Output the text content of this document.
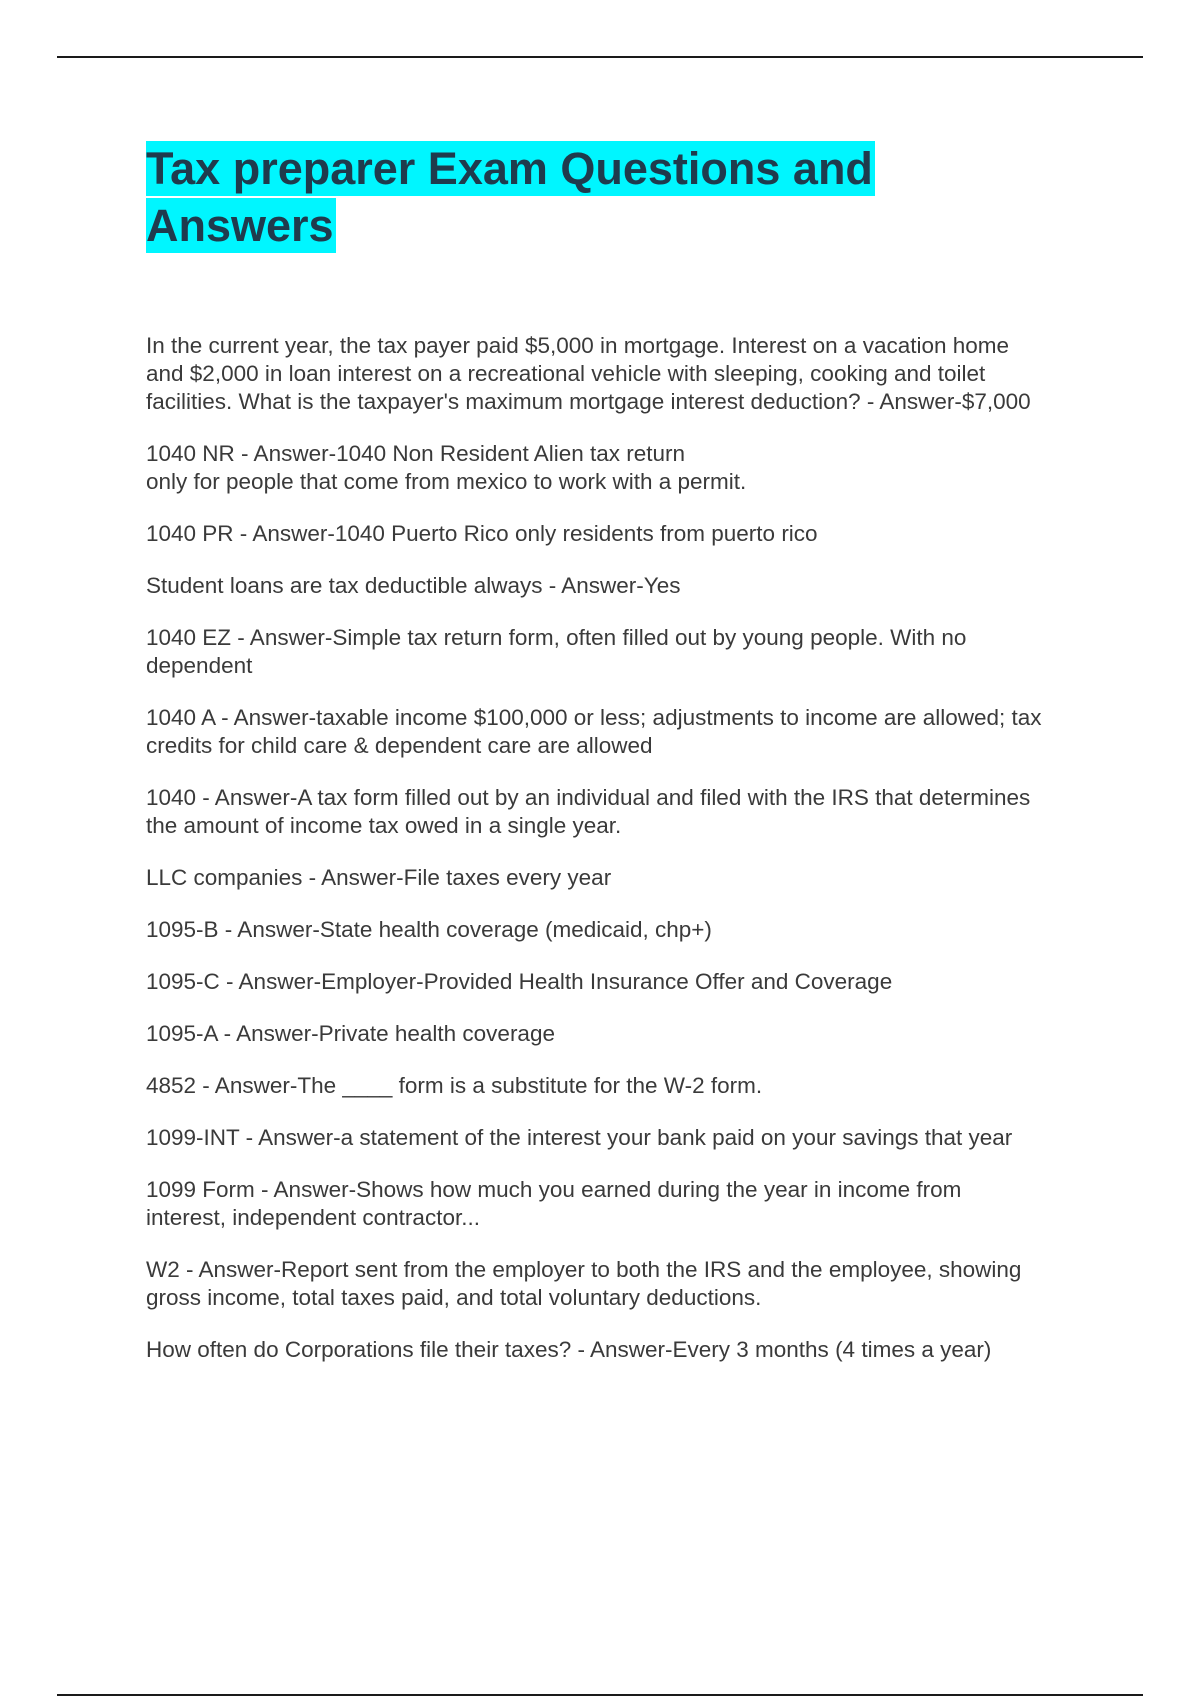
Tax preparer Exam Questions and
Answers

In the current year, the tax payer paid $5,000 in mortgage. Interest on a vacation home and $2,000 in loan interest on a recreational vehicle with sleeping, cooking and toilet facilities. What is the taxpayer's maximum mortgage interest deduction? - Answer-$7,000

1040 NR - Answer-1040 Non Resident Alien tax return
only for people that come from mexico to work with a permit.

1040 PR - Answer-1040 Puerto Rico only residents from puerto rico

Student loans are tax deductible always - Answer-Yes

1040 EZ - Answer-Simple tax return form, often filled out by young people. With no dependent

1040 A - Answer-taxable income $100,000 or less; adjustments to income are allowed; tax credits for child care & dependent care are allowed

1040 - Answer-A tax form filled out by an individual and filed with the IRS that determines the amount of income tax owed in a single year.

LLC companies - Answer-File taxes every year

1095-B - Answer-State health coverage (medicaid, chp+)

1095-C - Answer-Employer-Provided Health Insurance Offer and Coverage

1095-A - Answer-Private health coverage

4852 - Answer-The ____ form is a substitute for the W-2 form.

1099-INT - Answer-a statement of the interest your bank paid on your savings that year

1099 Form - Answer-Shows how much you earned during the year in income from interest, independent contractor...

W2 - Answer-Report sent from the employer to both the IRS and the employee, showing gross income, total taxes paid, and total voluntary deductions.

How often do Corporations file their taxes? - Answer-Every 3 months (4 times a year)
